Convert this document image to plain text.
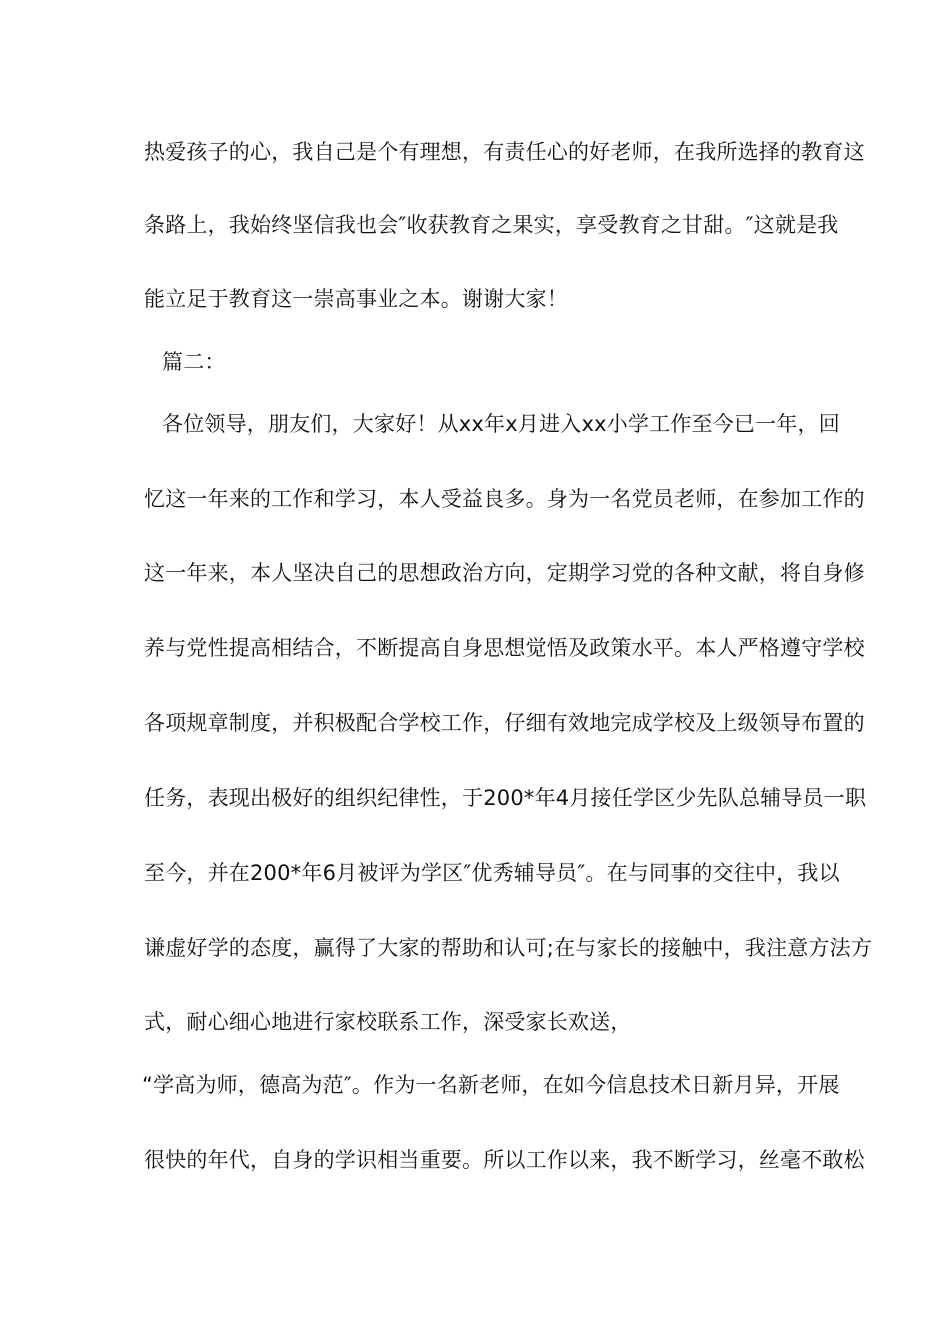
热爱孩子的心，我自己是个有理想，有责任心的好老师，在我所选择的教育这
条路上，我始终坚信我也会″收获教育之果实，享受教育之甘甜。″这就是我
能立足于教育这一崇高事业之本。谢谢大家！
篇二：
各位领导，朋友们，大家好！从xx年x月进入xx小学工作至今已一年，回
忆这一年来的工作和学习，本人受益良多。身为一名党员老师，在参加工作的
这一年来，本人坚决自己的思想政治方向，定期学习党的各种文献，将自身修
养与党性提高相结合，不断提高自身思想觉悟及政策水平。本人严格遵守学校
各项规章制度，并积极配合学校工作，仔细有效地完成学校及上级领导布置的
任务，表现出极好的组织纪律性，于200*年4月接任学区少先队总辅导员一职
至今，并在200*年6月被评为学区″优秀辅导员″。在与同事的交往中，我以
谦虚好学的态度，赢得了大家的帮助和认可;在与家长的接触中，我注意方法方
式，耐心细心地进行家校联系工作，深受家长欢送，
“学高为师，德高为范″。作为一名新老师，在如今信息技术日新月异，开展
很快的年代，自身的学识相当重要。所以工作以来，我不断学习，丝毫不敢松
